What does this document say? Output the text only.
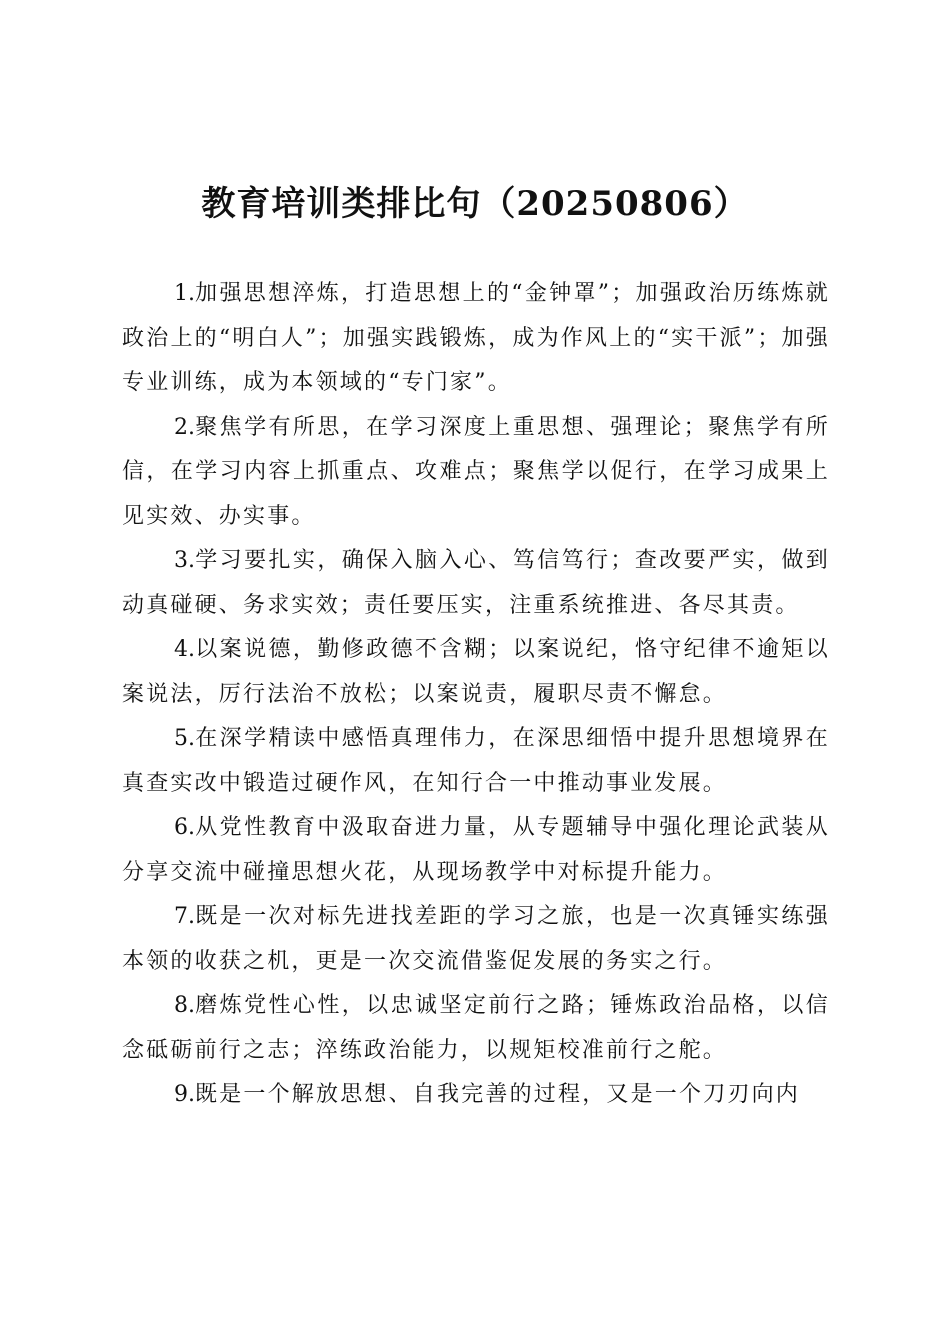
教育培训类排比句（20250806）

1.加强思想淬炼，打造思想上的“金钟罩”；加强政治历练炼就政治上的“明白人”；加强实践锻炼，成为作风上的“实干派”；加强专业训练，成为本领域的“专门家”。

2.聚焦学有所思，在学习深度上重思想、强理论；聚焦学有所信，在学习内容上抓重点、攻难点；聚焦学以促行，在学习成果上见实效、办实事。

3.学习要扎实，确保入脑入心、笃信笃行；查改要严实，做到动真碰硬、务求实效；责任要压实，注重系统推进、各尽其责。

4.以案说德，勤修政德不含糊；以案说纪，恪守纪律不逾矩以案说法，厉行法治不放松；以案说责，履职尽责不懈怠。

5.在深学精读中感悟真理伟力，在深思细悟中提升思想境界在真查实改中锻造过硬作风，在知行合一中推动事业发展。

6.从党性教育中汲取奋进力量，从专题辅导中强化理论武装从分享交流中碰撞思想火花，从现场教学中对标提升能力。

7.既是一次对标先进找差距的学习之旅，也是一次真锤实练强本领的收获之机，更是一次交流借鉴促发展的务实之行。

8.磨炼党性心性，以忠诚坚定前行之路；锤炼政治品格，以信念砥砺前行之志；淬练政治能力，以规矩校准前行之舵。

9.既是一个解放思想、自我完善的过程，又是一个刀刃向内
